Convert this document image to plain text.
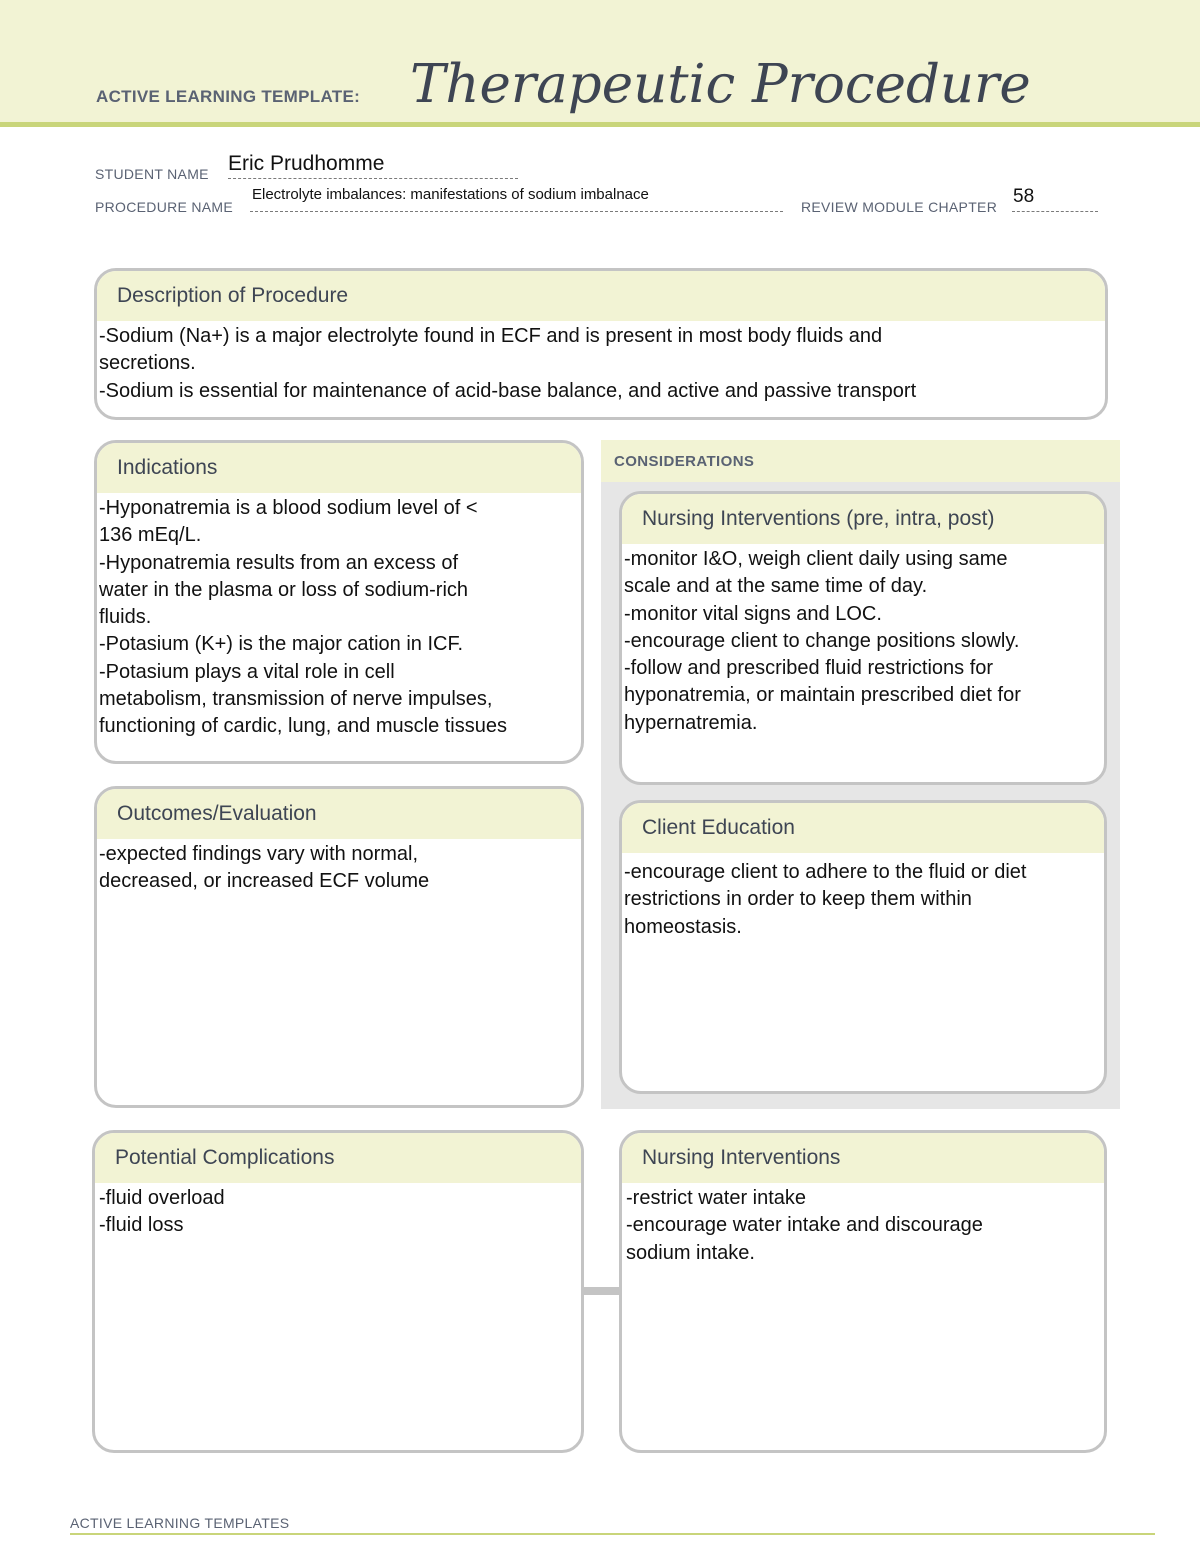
ACTIVE LEARNING TEMPLATE: Therapeutic Procedure
STUDENT NAME Eric Prudhomme
PROCEDURE NAME
Electrolyte imbalances: manifestations of sodium imbalnace
REVIEW MODULE CHAPTER 58
Description of Procedure
-Sodium (Na+) is a major electrolyte found in ECF and is present in most body fluids and
secretions.
-Sodium is essential for maintenance of acid-base balance, and active and passive transport
Indications
-Hyponatremia is a blood sodium level of <
136 mEq/L.
-Hyponatremia results from an excess of
water in the plasma or loss of sodium-rich
fluids.
-Potasium (K+) is the major cation in ICF.
-Potasium plays a vital role in cell
metabolism, transmission of nerve impulses,
functioning of cardic, lung, and muscle tissues
CONSIDERATIONS
Nursing Interventions (pre, intra, post)
-monitor I&O, weigh client daily using same
scale and at the same time of day.
-monitor vital signs and LOC.
-encourage client to change positions slowly.
-follow and prescribed fluid restrictions for
hyponatremia, or maintain prescribed diet for
hypernatremia.
Outcomes/Evaluation
-expected findings vary with normal,
decreased, or increased ECF volume
Client Education
-encourage client to adhere to the fluid or diet
restrictions in order to keep them within
homeostasis.
Potential Complications
-fluid overload
-fluid loss
Nursing Interventions
-restrict water intake
-encourage water intake and discourage
sodium intake.
ACTIVE LEARNING TEMPLATES
